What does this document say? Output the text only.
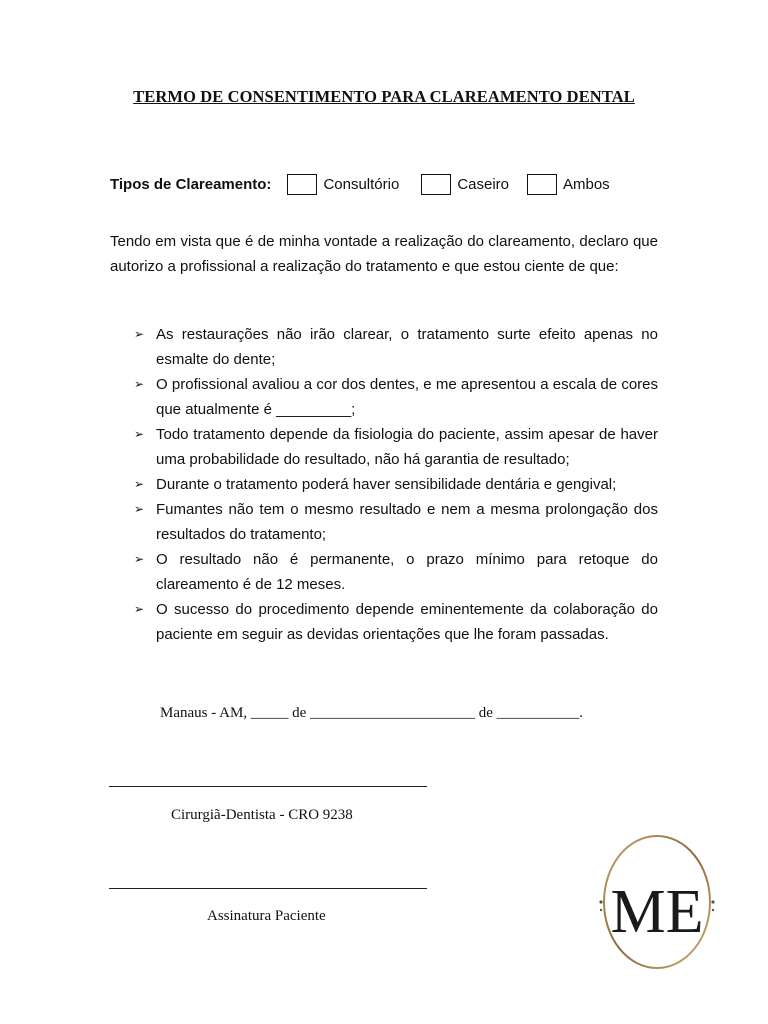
TERMO DE CONSENTIMENTO PARA CLAREAMENTO DENTAL
Tipos de Clareamento:	Consultório	Caseiro	Ambos
Tendo em vista que é de minha vontade a realização do clareamento, declaro que autorizo a profissional a realização do tratamento e que estou ciente de que:
➢ As restaurações não irão clarear, o tratamento surte efeito apenas no esmalte do dente;
➢ O profissional avaliou a cor dos dentes, e me apresentou a escala de cores que atualmente é _________;
➢ Todo tratamento depende da fisiologia do paciente, assim apesar de haver uma probabilidade do resultado, não há garantia de resultado;
➢ Durante o tratamento poderá haver sensibilidade dentária e gengival;
➢ Fumantes não tem o mesmo resultado e nem a mesma prolongação dos resultados do tratamento;
➢ O resultado não é permanente, o prazo mínimo para retoque do clareamento é de 12 meses.
➢ O sucesso do procedimento depende eminentemente da colaboração do paciente em seguir as devidas orientações que lhe foram passadas.
Manaus - AM, _____ de ______________________ de ___________.
Cirurgiã-Dentista - CRO 9238
Assinatura Paciente	ME
